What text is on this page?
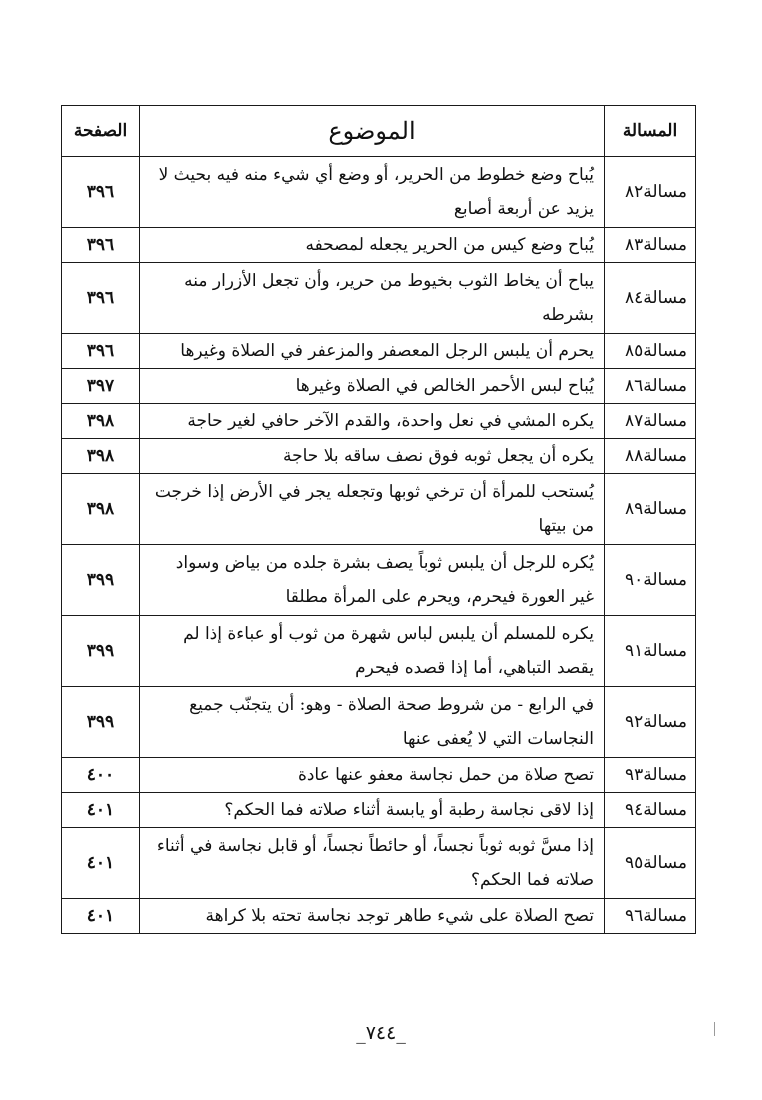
المسالة	الموضوع	الصفحة
مسالة٨٢	يُباح وضع خطوط من الحرير، أو وضع أي شيء منه فيه بحيث لا يزيد عن أربعة أصابع	٣٩٦
مسالة٨٣	يُباح وضع كيس من الحرير يجعله لمصحفه	٣٩٦
مسالة٨٤	يباح أن يخاط الثوب بخيوط من حرير، وأن تجعل الأزرار منه بشرطه	٣٩٦
مسالة٨٥	يحرم أن يلبس الرجل المعصفر والمزعفر في الصلاة وغيرها	٣٩٦
مسالة٨٦	يُباح لبس الأحمر الخالص في الصلاة وغيرها	٣٩٧
مسالة٨٧	يكره المشي في نعل واحدة، والقدم الآخر حافي لغير حاجة	٣٩٨
مسالة٨٨	يكره أن يجعل ثوبه فوق نصف ساقه بلا حاجة	٣٩٨
مسالة٨٩	يُستحب للمرأة أن ترخي ثوبها وتجعله يجر في الأرض إذا خرجت من بيتها	٣٩٨
مسالة٩٠	يُكره للرجل أن يلبس ثوباً يصف بشرة جلده من بياض وسواد غير العورة فيحرم، ويحرم على المرأة مطلقا	٣٩٩
مسالة٩١	يكره للمسلم أن يلبس لباس شهرة من ثوب أو عباءة إذا لم يقصد التباهي، أما إذا قصده فيحرم	٣٩٩
مسالة٩٢	في الرابع - من شروط صحة الصلاة - وهو: أن يتجنّب جميع النجاسات التي لا يُعفى عنها	٣٩٩
مسالة٩٣	تصح صلاة من حمل نجاسة معفو عنها عادة	٤٠٠
مسالة٩٤	إذا لاقى نجاسة رطبة أو يابسة أثناء صلاته فما الحكم؟	٤٠١
مسالة٩٥	إذا مسَّ ثوبه ثوباً نجساً، أو حائطاً نجساً، أو قابل نجاسة في أثناء صلاته فما الحكم؟	٤٠١
مسالة٩٦	تصح الصلاة على شيء طاهر توجد نجاسة تحته بلا كراهة	٤٠١
_٧٤٤_
